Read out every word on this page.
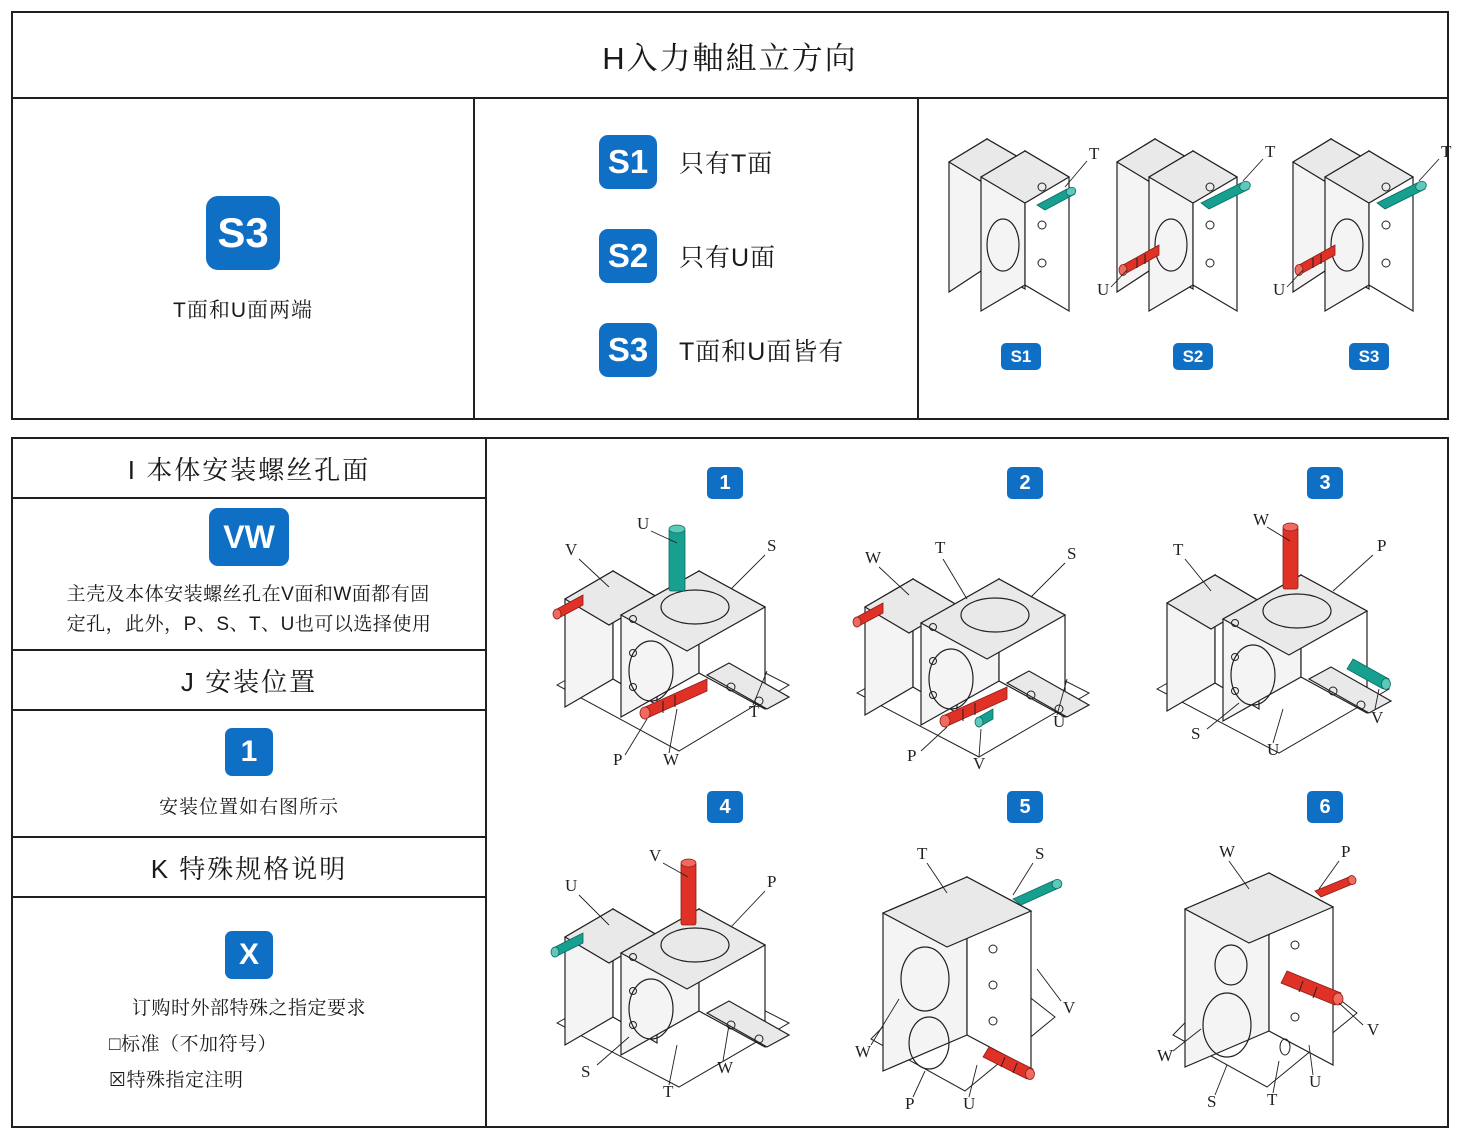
H入力軸組立方向
S3
T面和U面两端
S1	只有T面
S2	只有U面
S3	T面和U面皆有
T
S1
U
T
S2
U
T
S3
I 本体安装螺丝孔面
VW
主壳及本体安装螺丝孔在V面和W面都有固
定孔，此外，P、S、T、U也可以选择使用
J 安装位置
1
安装位置如右图所示
K 特殊规格说明
X
订购时外部特殊之指定要求
□标准（不加符号）
☒特殊指定注明
1
V
U
S
P W
T
2
W
T	S
P	V
U
3
T
W
P
S
U
V
4
U
V
P
S	W
T
5
T	S
V
W
P	U
6
W	P
V
W
S	T
U
